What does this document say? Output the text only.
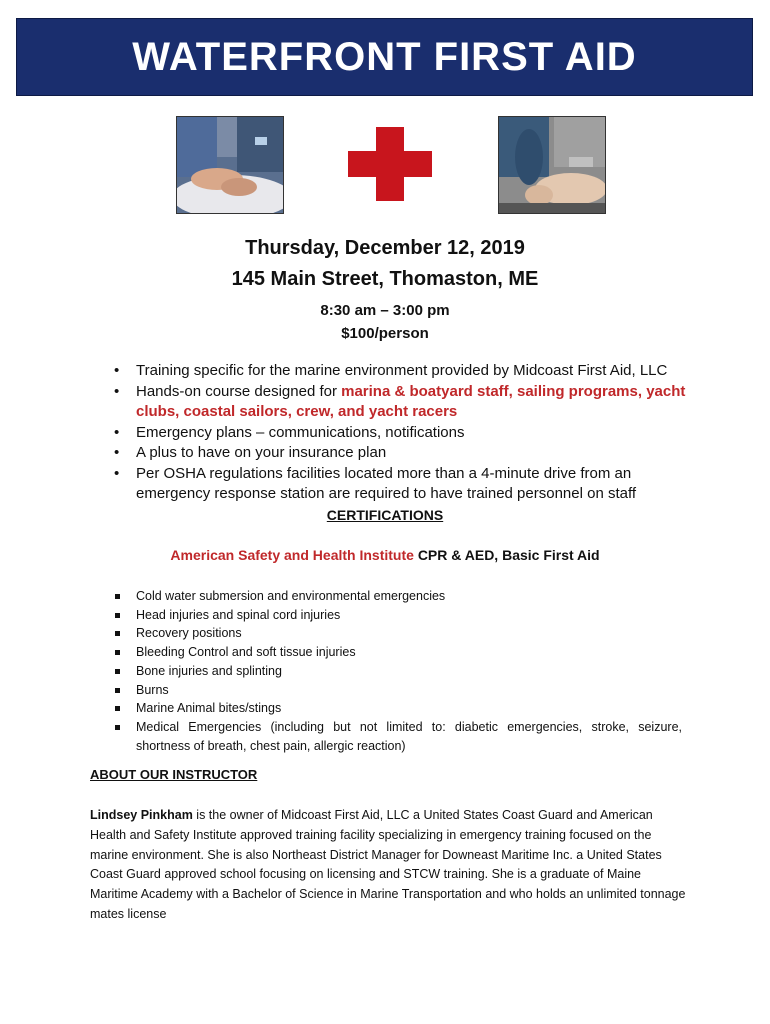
WATERFRONT FIRST AID
Thursday, December 12, 2019
145 Main Street, Thomaston, ME
8:30 am – 3:00 pm
$100/person
• Training specific for the marine environment provided by Midcoast First Aid, LLC
• Hands-on course designed for marina & boatyard staff, sailing programs, yacht clubs, coastal sailors, crew, and yacht racers
• Emergency plans – communications, notifications
• A plus to have on your insurance plan
• Per OSHA regulations facilities located more than a 4-minute drive from an emergency response station are required to have trained personnel on staff
CERTIFICATIONS
American Safety and Health Institute CPR & AED, Basic First Aid
Cold water submersion and environmental emergencies
Head injuries and spinal cord injuries
Recovery positions
Bleeding Control and soft tissue injuries
Bone injuries and splinting
Burns
Marine Animal bites/stings
Medical Emergencies (including but not limited to: diabetic emergencies, stroke, seizure, shortness of breath, chest pain, allergic reaction)
ABOUT OUR INSTRUCTOR

Lindsey Pinkham is the owner of Midcoast First Aid, LLC a United States Coast Guard and American Health and Safety Institute approved training facility specializing in emergency training focused on the marine environment. She is also Northeast District Manager for Downeast Maritime Inc. a United States Coast Guard approved school focusing on licensing and STCW training. She is a graduate of Maine Maritime Academy with a Bachelor of Science in Marine Transportation and who holds an unlimited tonnage mates license
